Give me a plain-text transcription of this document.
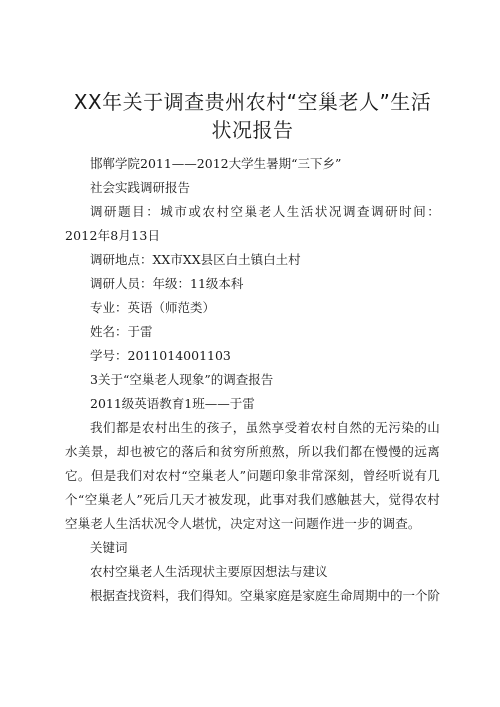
XX年关于调查贵州农村“空巢老人”生活状况报告

邯郸学院2011——2012大学生暑期“三下乡”

社会实践调研报告

调研题目：城市或农村空巢老人生活状况调查调研时间：2012年8月13日

调研地点：XX市XX县区白土镇白土村

调研人员：年级：11级本科

专业：英语（师范类）

姓名：于雷

学号：2011014001103

3关于“空巢老人现象”的调查报告

2011级英语教育1班——于雷

我们都是农村出生的孩子，虽然享受着农村自然的无污染的山水美景，却也被它的落后和贫穷所煎熬，所以我们都在慢慢的远离它。但是我们对农村“空巢老人”问题印象非常深刻，曾经听说有几个“空巢老人”死后几天才被发现，此事对我们感触甚大，觉得农村空巢老人生活状况令人堪忧，决定对这一问题作进一步的调查。

关键词

农村空巢老人生活现状主要原因想法与建议

根据查找资料，我们得知。空巢家庭是家庭生命周期中的一个阶
